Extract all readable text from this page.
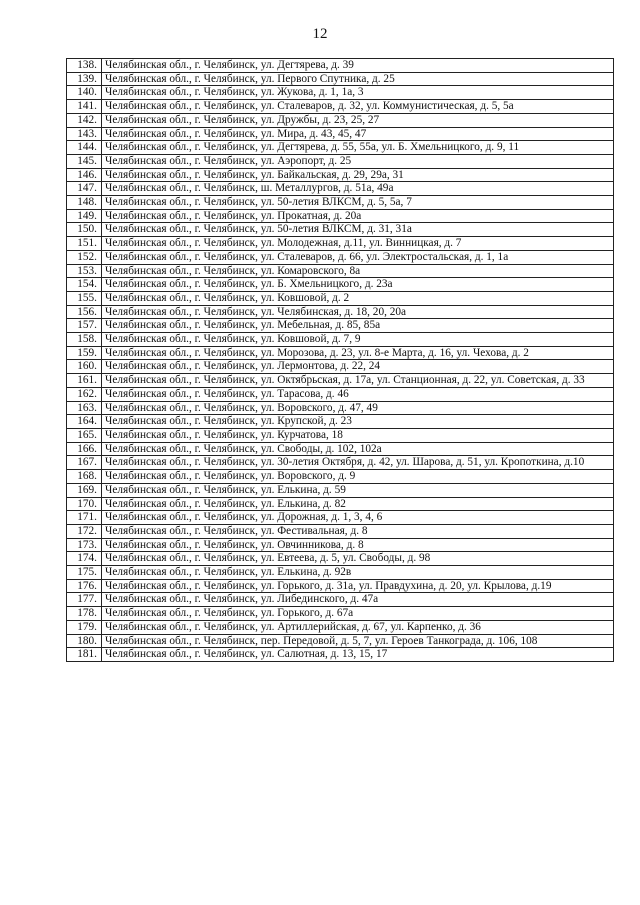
12
138.	Челябинская обл., г. Челябинск, ул. Дегтярева, д. 39
139.	Челябинская обл., г. Челябинск, ул. Первого Спутника, д. 25
140.	Челябинская обл., г. Челябинск, ул. Жукова, д. 1, 1а, 3
141.	Челябинская обл., г. Челябинск, ул. Сталеваров, д. 32, ул. Коммунистическая, д. 5, 5а
142.	Челябинская обл., г. Челябинск, ул. Дружбы, д. 23, 25, 27
143.	Челябинская обл., г. Челябинск, ул. Мира, д. 43, 45, 47
144.	Челябинская обл., г. Челябинск, ул. Дегтярева, д. 55, 55а, ул. Б. Хмельницкого, д. 9, 11
145.	Челябинская обл., г. Челябинск, ул. Аэропорт, д. 25
146.	Челябинская обл., г. Челябинск, ул. Байкальская, д. 29, 29а, 31
147.	Челябинская обл., г. Челябинск, ш. Металлургов, д. 51а, 49а
148.	Челябинская обл., г. Челябинск, ул. 50-летия ВЛКСМ, д. 5, 5а, 7
149.	Челябинская обл., г. Челябинск, ул. Прокатная, д. 20а
150.	Челябинская обл., г. Челябинск, ул. 50-летия ВЛКСМ, д. 31, 31а
151.	Челябинская обл., г. Челябинск, ул. Молодежная, д.11, ул. Винницкая, д. 7
152.	Челябинская обл., г. Челябинск, ул. Сталеваров, д. 66, ул. Электростальская, д. 1, 1а
153.	Челябинская обл., г. Челябинск, ул. Комаровского, 8а
154.	Челябинская обл., г. Челябинск, ул. Б. Хмельницкого, д. 23а
155.	Челябинская обл., г. Челябинск, ул. Ковшовой, д. 2
156.	Челябинская обл., г. Челябинск, ул. Челябинская, д. 18, 20, 20а
157.	Челябинская обл., г. Челябинск, ул. Мебельная, д. 85, 85а
158.	Челябинская обл., г. Челябинск, ул. Ковшовой, д. 7, 9
159.	Челябинская обл., г. Челябинск, ул. Морозова, д. 23, ул. 8-е Марта, д. 16, ул. Чехова, д. 2
160.	Челябинская обл., г. Челябинск, ул. Лермонтова, д. 22, 24
161.	Челябинская обл., г. Челябинск, ул. Октябрьская, д. 17а, ул. Станционная, д. 22, ул. Советская, д. 33
162.	Челябинская обл., г. Челябинск, ул. Тарасова, д. 46
163.	Челябинская обл., г. Челябинск, ул. Воровского, д. 47, 49
164.	Челябинская обл., г. Челябинск, ул. Крупской, д. 23
165.	Челябинская обл., г. Челябинск, ул. Курчатова, 18
166.	Челябинская обл., г. Челябинск, ул. Свободы, д. 102, 102а
167.	Челябинская обл., г. Челябинск, ул. 30-летия Октября, д. 42, ул. Шарова, д. 51, ул. Кропоткина, д.10
168.	Челябинская обл., г. Челябинск, ул. Воровского, д. 9
169.	Челябинская обл., г. Челябинск, ул. Елькина, д. 59
170.	Челябинская обл., г. Челябинск, ул. Елькина, д. 82
171.	Челябинская обл., г. Челябинск, ул. Дорожная, д. 1, 3, 4, 6
172.	Челябинская обл., г. Челябинск, ул. Фестивальная, д. 8
173.	Челябинская обл., г. Челябинск, ул. Овчинникова, д. 8
174.	Челябинская обл., г. Челябинск, ул. Евтеева, д. 5, ул. Свободы, д. 98
175.	Челябинская обл., г. Челябинск, ул. Елькина, д. 92в
176.	Челябинская обл., г. Челябинск, ул. Горького, д. 31а, ул. Правдухина, д. 20, ул. Крылова, д.19
177.	Челябинская обл., г. Челябинск, ул. Либединского, д. 47а
178.	Челябинская обл., г. Челябинск, ул. Горького, д. 67а
179.	Челябинская обл., г. Челябинск, ул. Артиллерийская, д. 67, ул. Карпенко, д. 36
180.	Челябинская обл., г. Челябинск, пер. Передовой, д. 5, 7, ул. Героев Танкограда, д. 106, 108
181.	Челябинская обл., г. Челябинск, ул. Салютная, д. 13, 15, 17
